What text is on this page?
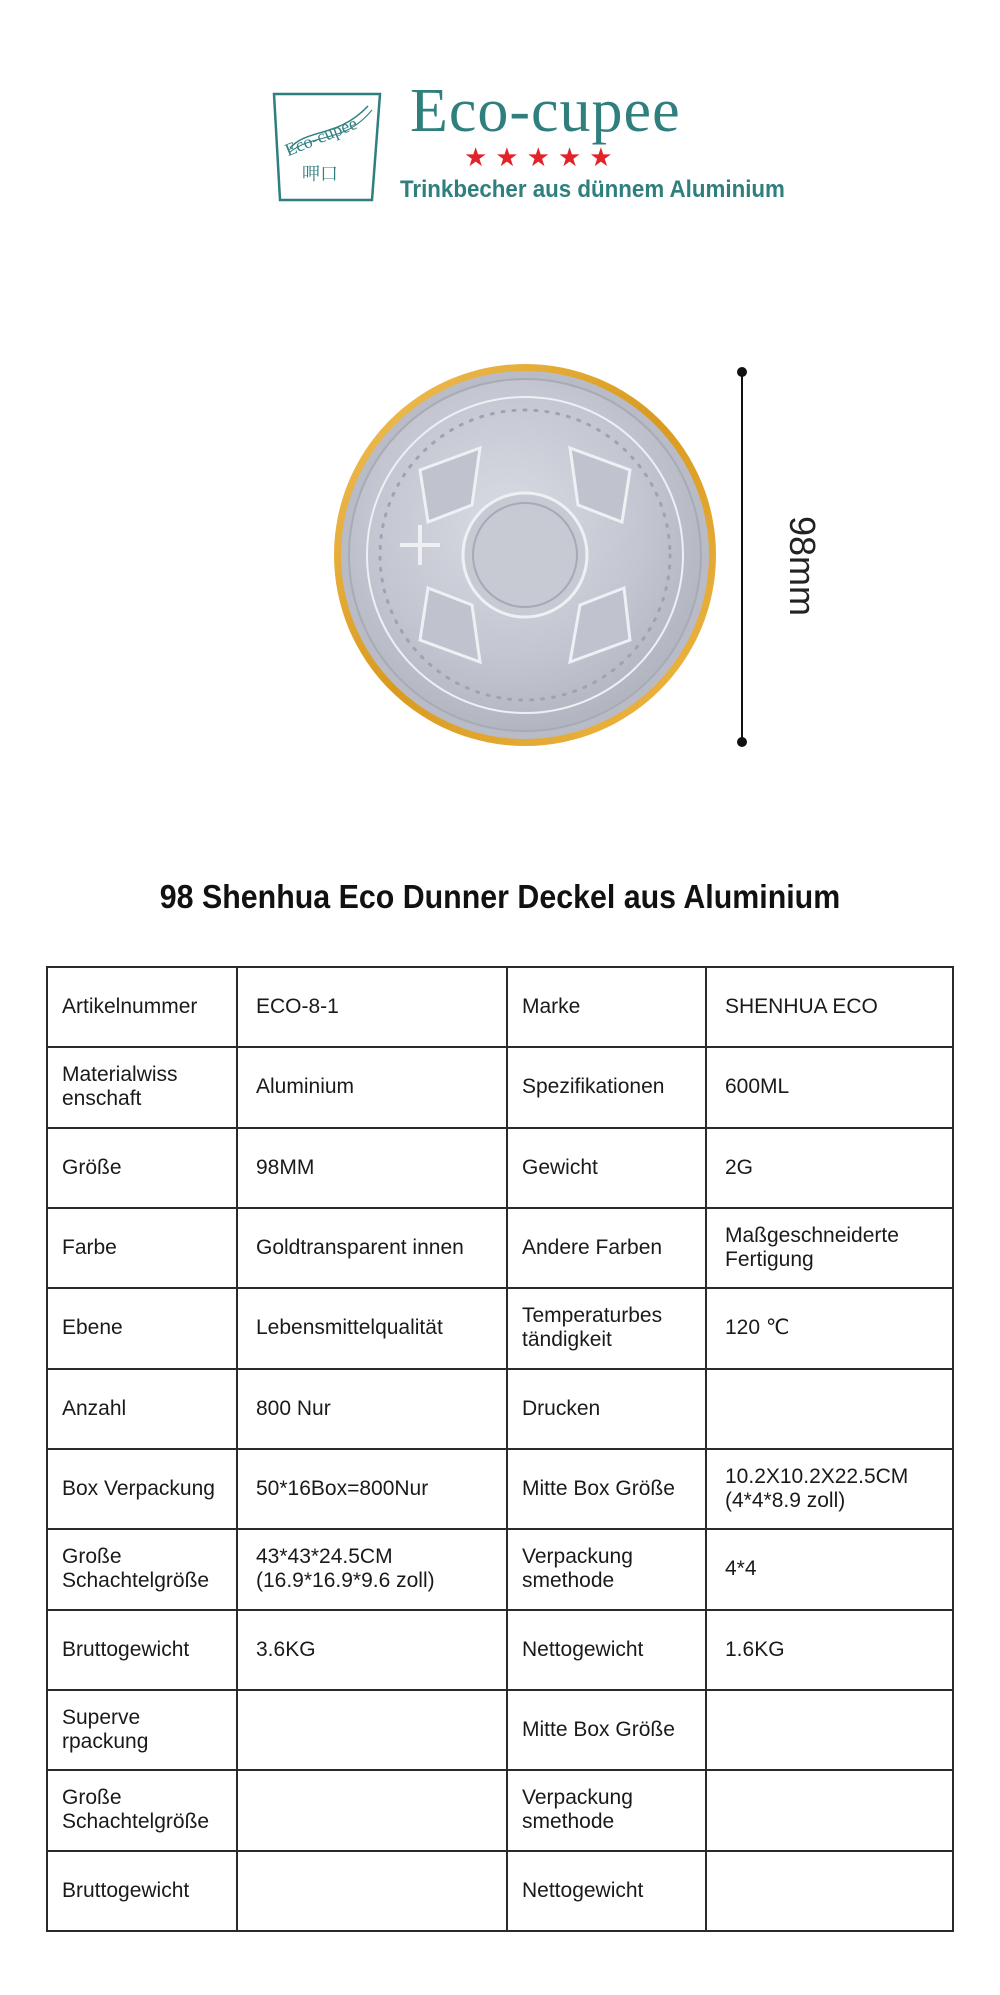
Eco-cupee
呷口
Eco-cupee
★★★★★
Trinkbecher aus dünnem Aluminium
98mm
98 Shenhua Eco Dunner Deckel aus Aluminium
Artikelnummer	ECO-8-1	Marke	SHENHUA ECO

Materialwiss
enschaft	Aluminium	Spezifikationen	600ML

Größe	98MM	Gewicht	2G

Farbe	Goldtransparent innen	Andere Farben	Maßgeschneiderte
Fertigung

Ebene	Lebensmittelqualität	Temperaturbes
tändigkeit	120 ℃

Anzahl	800 Nur	Drucken	

Box Verpackung	50*16Box=800Nur	Mitte Box Größe	10.2X10.2X22.5CM
(4*4*8.9 zoll)

Große
Schachtelgröße	43*43*24.5CM
(16.9*16.9*9.6 zoll)	Verpackung
smethode	4*4

Bruttogewicht	3.6KG	Nettogewicht	1.6KG

Superve
rpackung		Mitte Box Größe	

Große
Schachtelgröße		Verpackung
smethode	

Bruttogewicht		Nettogewicht	
